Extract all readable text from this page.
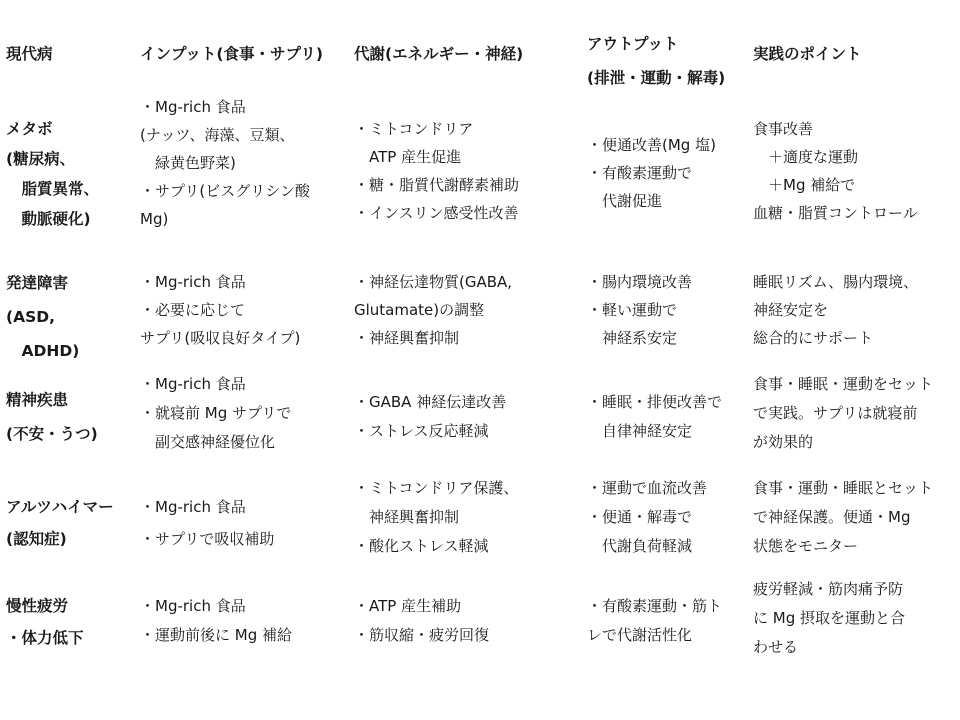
現代病	インプット(食事・サプリ) 代謝(エネルギー・神経)
アウトプット
(排泄・運動・解毒)
実践のポイント
メタボ
(糖尿病、
　脂質異常、
　動脈硬化)
・Mg-rich 食品
(ナッツ、海藻、豆類、
　緑黄色野菜)
・サプリ(ビスグリシン酸
Mg)
・ミトコンドリア
　ATP 産生促進
・糖・脂質代謝酵素補助
・インスリン感受性改善
・便通改善(Mg 塩)
・有酸素運動で
　代謝促進
食事改善
　＋適度な運動
　＋Mg 補給で
血糖・脂質コントロール
発達障害
(ASD,
　ADHD)
・Mg-rich 食品
・必要に応じて
サプリ(吸収良好タイプ)
・神経伝達物質(GABA,
Glutamate)の調整
・神経興奮抑制
・腸内環境改善
・軽い運動で
　神経系安定
睡眠リズム、腸内環境、
神経安定を
総合的にサポート
精神疾患
(不安・うつ)
・Mg-rich 食品
・就寝前 Mg サプリで
　副交感神経優位化
・GABA 神経伝達改善
・ストレス反応軽減
・睡眠・排便改善で
　自律神経安定
食事・睡眠・運動をセット
で実践。サプリは就寝前
が効果的
アルツハイマー
(認知症)
・Mg-rich 食品
・サプリで吸収補助
・ミトコンドリア保護、
　神経興奮抑制
・酸化ストレス軽減
・運動で血流改善
・便通・解毒で
　代謝負荷軽減
食事・運動・睡眠とセット
で神経保護。便通・Mg
状態をモニター
慢性疲労
・体力低下
・Mg-rich 食品
・運動前後に Mg 補給
・ATP 産生補助
・筋収縮・疲労回復
・有酸素運動・筋ト
レで代謝活性化
疲労軽減・筋肉痛予防
に Mg 摂取を運動と合
わせる
